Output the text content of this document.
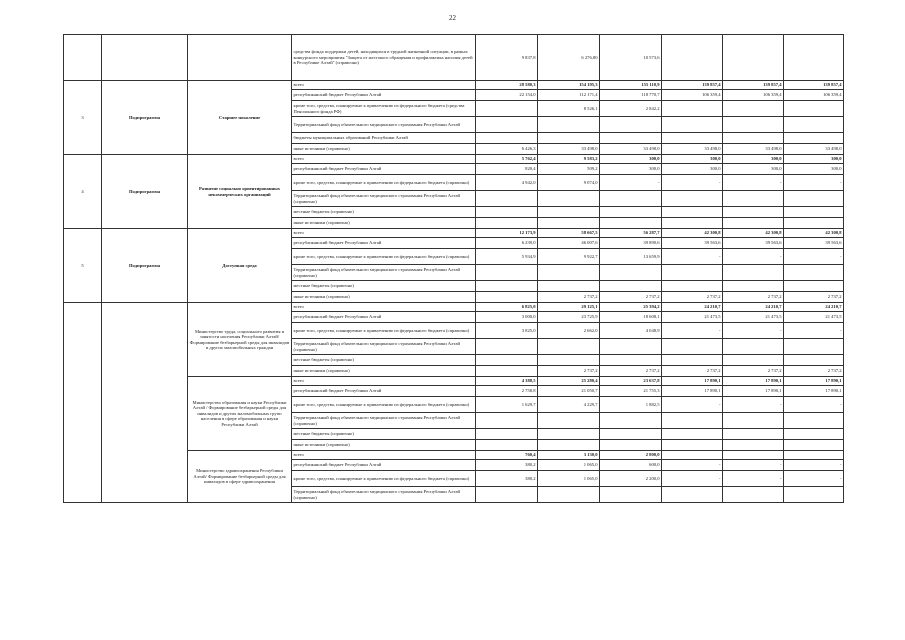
22
			средства фонда поддержки детей, находящихся в трудной жизненной ситуации, в рамках конкурсного мероприятия "Защита от жестокого обращения и профилактика насилия детей в Республике Алтай" (справочно)	9 837,8	6 276,80	10 573,6			
3	Подпрограмма	Старшее поколение	всего	28 580,3	154 195,3	155 110,9	139 857,4	139 857,4	139 857,4
			республиканский бюджет Республики Алтай	22 154,0	112 171,4	118 770,7	106 359,4	106 359,4	106 359,4
			кроме того, средства, планируемые к привлечению из федерального бюджета (средства Пенсионного фонда РФ)		8 526,1	2 842,2			
			Территориальный фонд обязательного медицинского страхования Республики Алтай						
			бюджеты муниципальных образований Республики Алтай						
			иные источники (справочно)	6 426,3	33 498,0	33 498,0	33 498,0	33 498,0	33 498,0
4	Подпрограмма	Развитие социально ориентированных некоммерческих организаций	всего	5 762,4	9 583,2	300,0	300,0	300,0	300,0
			республиканский бюджет Республики Алтай	820,4	509,2	300,0	300,0	300,0	300,0
			кроме того, средства, планируемые к привлечению из федерального бюджета (справочно)	4 942,0	9 074,0	-	-	-	-
			Территориальный фонд обязательного медицинского страхования Республики Алтай (справочно)						
			местные бюджеты (справочно)						
			иные источники (справочно)						
5	Подпрограмма	Доступная среда	всего	12 173,9	58 667,5	56 287,7	42 300,8	42 300,8	42 300,8
			республиканский бюджет Республики Алтай	6 239,0	46 007,6	39 890,6	39 563,6	39 563,6	39 563,6
			кроме того, средства, планируемые к привлечению из федерального бюджета (справочно)	5 934,9	9 922,7	13 659,9	-	-	-
			Территориальный фонд обязательного медицинского страхования Республики Алтай (справочно)						
			местные бюджеты (справочно)						
			иные источники (справочно)		2 737,2	2 737,2	2 737,2	2 737,2	2 737,2
		Министерство труда, социального развития и занятости населения Республики Алтай/ Формирование безбарьерной среды для инвалидов и других маломобильных граждан	всего	6 825,0	29 125,1	25 394,2	24 210,7	24 210,7	24 210,7
			республиканский бюджет Республики Алтай	3 000,0	23 725,9	18 608,1	21 473,5	21 473,5	21 473,5
			кроме того, средства, планируемые к привлечению из федерального бюджета (справочно)	3 825,0	2 662,0	4 048,9	-	-	-
			Территориальный фонд обязательного медицинского страхования Республики Алтай (справочно)						
			местные бюджеты (справочно)						
			иные источники (справочно)		2 737,2	2 737,2	2 737,2	2 737,2	2 737,2
		Министерство образования и науки Республики Алтай / Формирование безбарьерной среды для инвалидов и других маломобильных групп населения в сфере образования и науки Республики Алтай	всего	4 388,5	25 280,4	23 637,8	17 890,1	17 890,1	17 890,1
			республиканский бюджет Республики Алтай	2 758,8	21 050,7	21 755,3	17 890,1	17 890,1	17 890,1
			кроме того, средства, планируемые к привлечению из федерального бюджета (справочно)	1 629,7	4 229,7	1 882,5	-	-	-
			Территориальный фонд обязательного медицинского страхования Республики Алтай (справочно)						
			местные бюджеты (справочно)						
			иные источники (справочно)						
		Министерство здравоохранения Республики Алтай/ Формирование безбарьерной среды для инвалидов в сфере здравоохранения	всего	760,4	3 130,0	2 800,0			
			республиканский бюджет Республики Алтай	380,2	1 065,0	600,0	-	-	-
			кроме того, средства, планируемые к привлечению из федерального бюджета (справочно)	380,2	1 065,0	2 200,0	-	-	-
			Территориальный фонд обязательного медицинского страхования Республики Алтай (справочно)						
